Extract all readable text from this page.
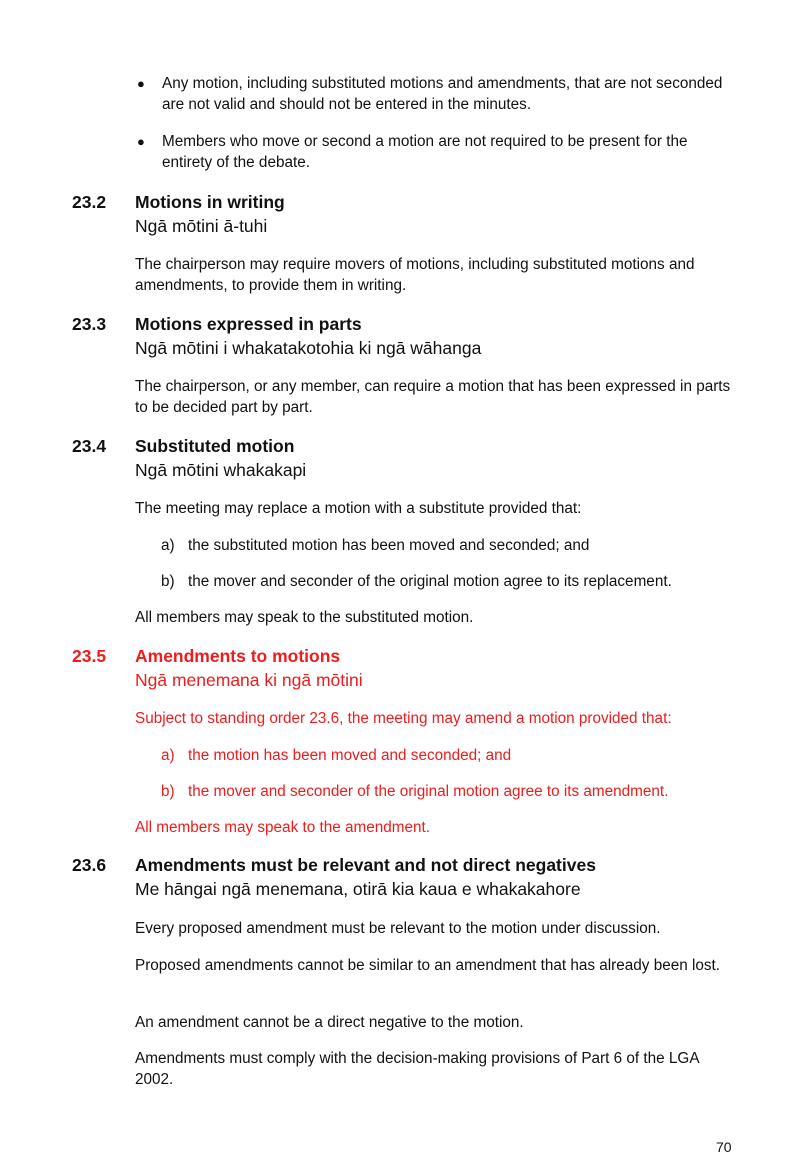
● Any motion, including substituted motions and amendments, that are not seconded are not valid and should not be entered in the minutes.
● Members who move or second a motion are not required to be present for the entirety of the debate.
23.2 Motions in writing
Ngā mōtini ā-tuhi
The chairperson may require movers of motions, including substituted motions and amendments, to provide them in writing.
23.3 Motions expressed in parts
Ngā mōtini i whakatakotohia ki ngā wāhanga
The chairperson, or any member, can require a motion that has been expressed in parts to be decided part by part.
23.4 Substituted motion
Ngā mōtini whakakapi
The meeting may replace a motion with a substitute provided that:
a) the substituted motion has been moved and seconded; and
b) the mover and seconder of the original motion agree to its replacement.
All members may speak to the substituted motion.
23.5 Amendments to motions
Ngā menemana ki ngā mōtini
Subject to standing order 23.6, the meeting may amend a motion provided that:
a) the motion has been moved and seconded; and
b) the mover and seconder of the original motion agree to its amendment.
All members may speak to the amendment.
23.6 Amendments must be relevant and not direct negatives
Me hāngai ngā menemana, otirā kia kaua e whakakahore
Every proposed amendment must be relevant to the motion under discussion.
Proposed amendments cannot be similar to an amendment that has already been lost.
An amendment cannot be a direct negative to the motion.
Amendments must comply with the decision-making provisions of Part 6 of the LGA 2002.
70
